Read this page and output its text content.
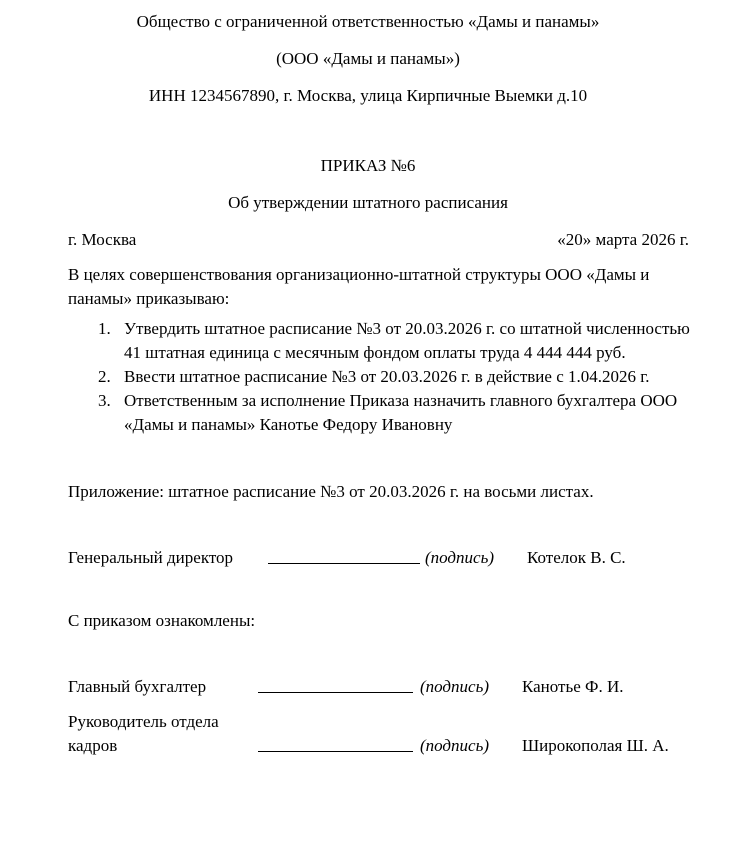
Общество с ограниченной ответственностью «Дамы и панамы»
(ООО «Дамы и панамы»)
ИНН 1234567890, г. Москва, улица Кирпичные Выемки д.10
ПРИКАЗ №6
Об утверждении штатного расписания
г. Москва	«20» марта 2026 г.
В целях совершенствования организационно-штатной структуры ООО «Дамы и панамы» приказываю:
Утвердить штатное расписание №3 от 20.03.2026 г. со штатной численностью 41 штатная единица с месячным фондом оплаты труда 4 444 444 руб.
Ввести штатное расписание №3 от 20.03.2026 г. в действие с 1.04.2026 г.
Ответственным за исполнение Приказа назначить главного бухгалтера ООО «Дамы и панамы» Канотье Федору Ивановну
Приложение: штатное расписание №3 от 20.03.2026 г. на восьми листах.
Генеральный директор	(подпись) Котелок В. С.
С приказом ознакомлены:
Главный бухгалтер	(подпись) Канотье Ф. И.
Руководитель отдела
кадров	(подпись) Широкополая Ш. А.
